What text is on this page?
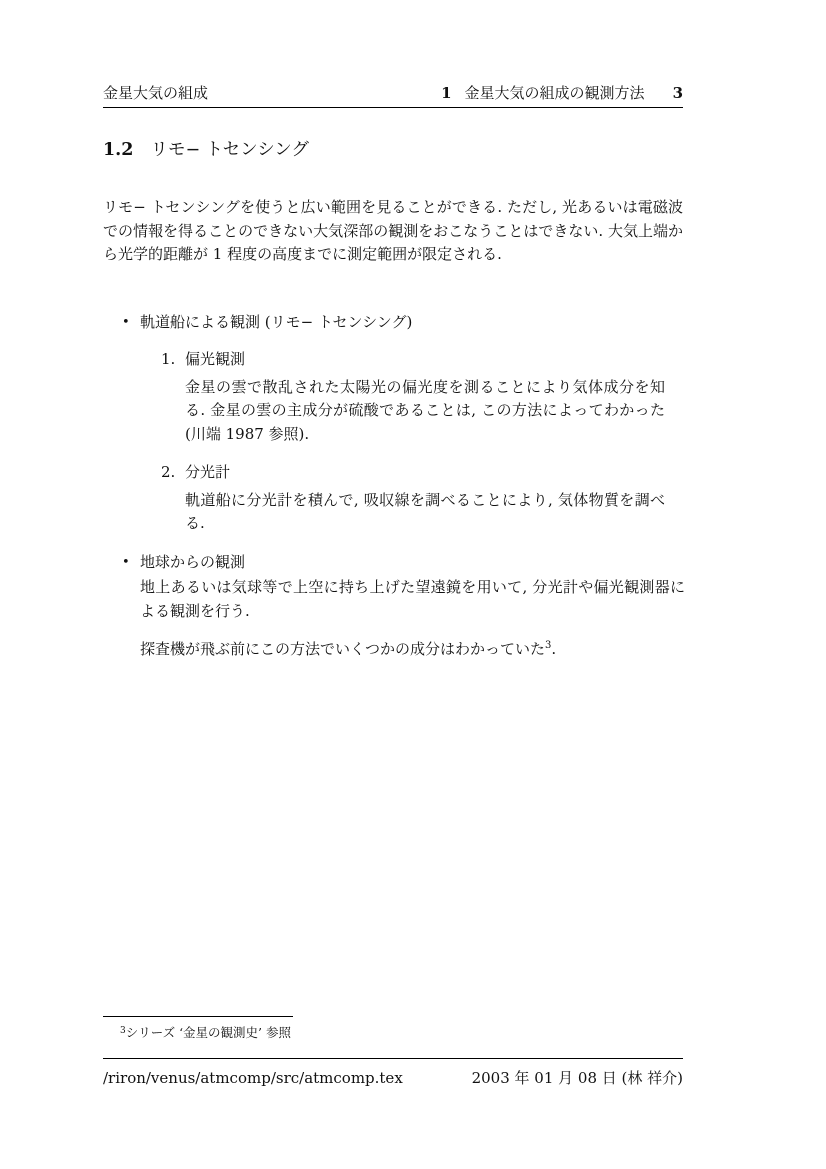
金星大気の組成	1 金星大気の組成の観測方法 3
1.2 リモ− トセンシング

リモ− トセンシングを使うと広い範囲を見ることができる. ただし, 光あるいは電磁波での情報を得ることのできない大気深部の観測をおこなうことはできない. 大気上端から光学的距離が 1 程度の高度までに測定範囲が限定される.

• 軌道船による観測 (リモ− トセンシング)
1. 偏光観測

金星の雲で散乱された太陽光の偏光度を測ることにより気体成分を知る. 金星の雲の主成分が硫酸であることは, この方法によってわかった (川端 1987 参照).

2. 分光計

軌道船に分光計を積んで, 吸収線を調べることにより, 気体物質を調べる.

• 地球からの観測

地上あるいは気球等で上空に持ち上げた望遠鏡を用いて, 分光計や偏光観測器による観測を行う.

探査機が飛ぶ前にこの方法でいくつかの成分はわかっていた$^3$.

$^3$シリーズ ‘金星の観測史’ 参照

/riron/venus/atmcomp/src/atmcomp.tex	2003 年 01 月 08 日 (林 祥介)
